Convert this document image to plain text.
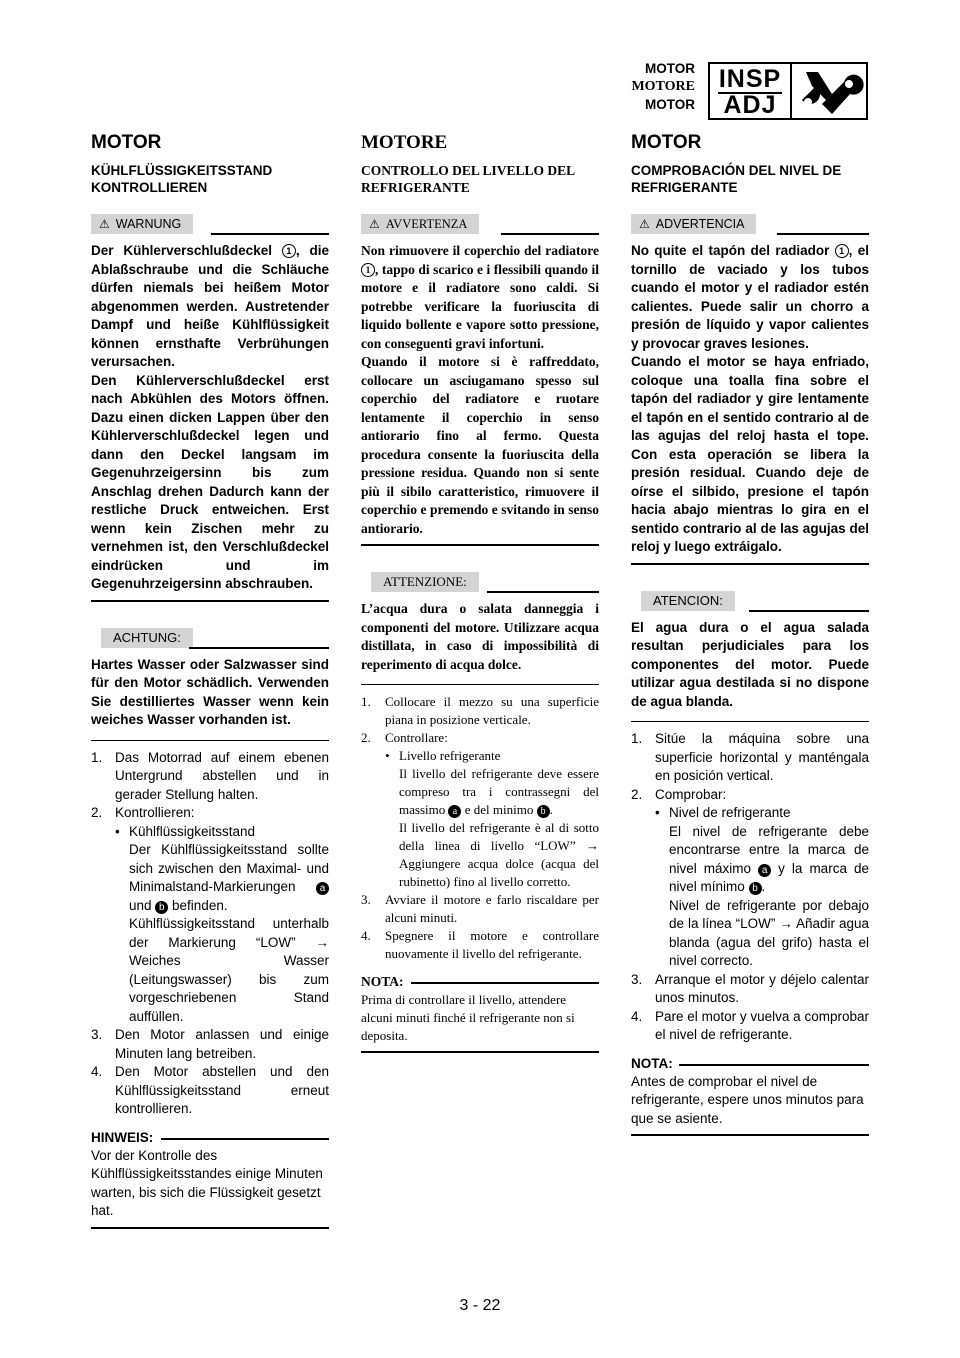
MOTOR
MOTORE
MOTOR
INSP
ADJ
MOTOR
KÜHLFLÜSSIGKEITSSTAND KONTROLLIEREN
⚠ WARNUNG
Der Kühlerverschlußdeckel 1 , die Ablaßschraube und die Schläuche dürfen niemals bei heißem Motor abgenommen werden. Austretender Dampf und heiße Kühlflüssigkeit können ernsthafte Verbrühungen verursachen.
Den Kühlerverschlußdeckel erst nach Abkühlen des Motors öffnen. Dazu einen dicken Lappen über den Kühlerverschlußdeckel legen und dann den Deckel langsam im Gegenuhrzeigersinn bis zum Anschlag drehen Dadurch kann der restliche Druck entweichen. Erst wenn kein Zischen mehr zu vernehmen ist, den Verschlußdeckel eindrücken und im Gegenuhrzeigersinn abschrauben.
ACHTUNG:
Hartes Wasser oder Salzwasser sind für den Motor schädlich. Verwenden Sie destilliertes Wasser wenn kein weiches Wasser vorhanden ist.
1. Das Motorrad auf einem ebenen Untergrund abstellen und in gerader Stellung halten.
2. Kontrollieren:
• Kühlflüssigkeitsstand
Der Kühlflüssigkeitsstand sollte sich zwischen den Maximal- und Minimalstand-Markierungen a und b befinden.
Kühlflüssigkeitsstand unterhalb der Markierung “LOW” → Weiches Wasser (Leitungswasser) bis zum vorgeschriebenen Stand auffüllen.
3. Den Motor anlassen und einige Minuten lang betreiben.
4. Den Motor abstellen und den Kühlflüssigkeitsstand erneut kontrollieren.
HINWEIS:
Vor der Kontrolle des Kühlflüssigkeitsstandes einige Minuten warten, bis sich die Flüssigkeit gesetzt hat.
MOTORE
CONTROLLO DEL LIVELLO DEL REFRIGERANTE
⚠ AVVERTENZA
Non rimuovere il coperchio del radiatore 1 , tappo di scarico e i flessibili quando il motore e il radiatore sono caldi. Si potrebbe verificare la fuoriuscita di liquido bollente e vapore sotto pressione, con conseguenti gravi infortuni.
Quando il motore si è raffreddato, collocare un asciugamano spesso sul coperchio del radiatore e ruotare lentamente il coperchio in senso antiorario fino al fermo. Questa procedura consente la fuoriuscita della pressione residua. Quando non si sente più il sibilo caratteristico, rimuovere il coperchio e premendo e svitando in senso antiorario.
ATTENZIONE:
L’acqua dura o salata danneggia i componenti del motore. Utilizzare acqua distillata, in caso di impossibilità di reperimento di acqua dolce.
1.	Collocare il mezzo su una superficie piana in posizione verticale.
2.	Controllare:
• Livello refrigerante
Il livello del refrigerante deve essere compreso tra i contrassegni del massimo a e del minimo b .
Il livello del refrigerante è al di sotto della linea di livello “LOW” → Aggiungere acqua dolce (acqua del rubinetto) fino al livello corretto.
3.	Avviare il motore e farlo riscaldare per alcuni minuti.
4.	Spegnere il motore e controllare nuovamente il livello del refrigerante.
NOTA:
Prima di controllare il livello, attendere alcuni minuti finché il refrigerante non si deposita.
MOTOR
COMPROBACIÓN DEL NIVEL DE REFRIGERANTE
⚠ ADVERTENCIA
No quite el tapón del radiador 1 , el tornillo de vaciado y los tubos cuando el motor y el radiador estén calientes. Puede salir un chorro a presión de líquido y vapor calientes y provocar graves lesiones.
Cuando el motor se haya enfriado, coloque una toalla fina sobre el tapón del radiador y gire lentamente el tapón en el sentido contrario al de las agujas del reloj hasta el tope. Con esta operación se libera la presión residual. Cuando deje de oírse el silbido, presione el tapón hacia abajo mientras lo gira en el sentido contrario al de las agujas del reloj y luego extráigalo.
ATENCION:
El agua dura o el agua salada resultan perjudiciales para los componentes del motor. Puede utilizar agua destilada si no dispone de agua blanda.
1. Sitúe la máquina sobre una superficie horizontal y manténgala en posición vertical.
2. Comprobar:
• Nivel de refrigerante
El nivel de refrigerante debe encontrarse entre la marca de nivel máximo a y la marca de nivel mínimo b .
Nivel de refrigerante por debajo de la línea “LOW” → Añadir agua blanda (agua del grifo) hasta el nivel correcto.
3. Arranque el motor y déjelo calentar unos minutos.
4. Pare el motor y vuelva a comprobar el nivel de refrigerante.
NOTA:
Antes de comprobar el nivel de refrigerante, espere unos minutos para que se asiente.
3 - 22
